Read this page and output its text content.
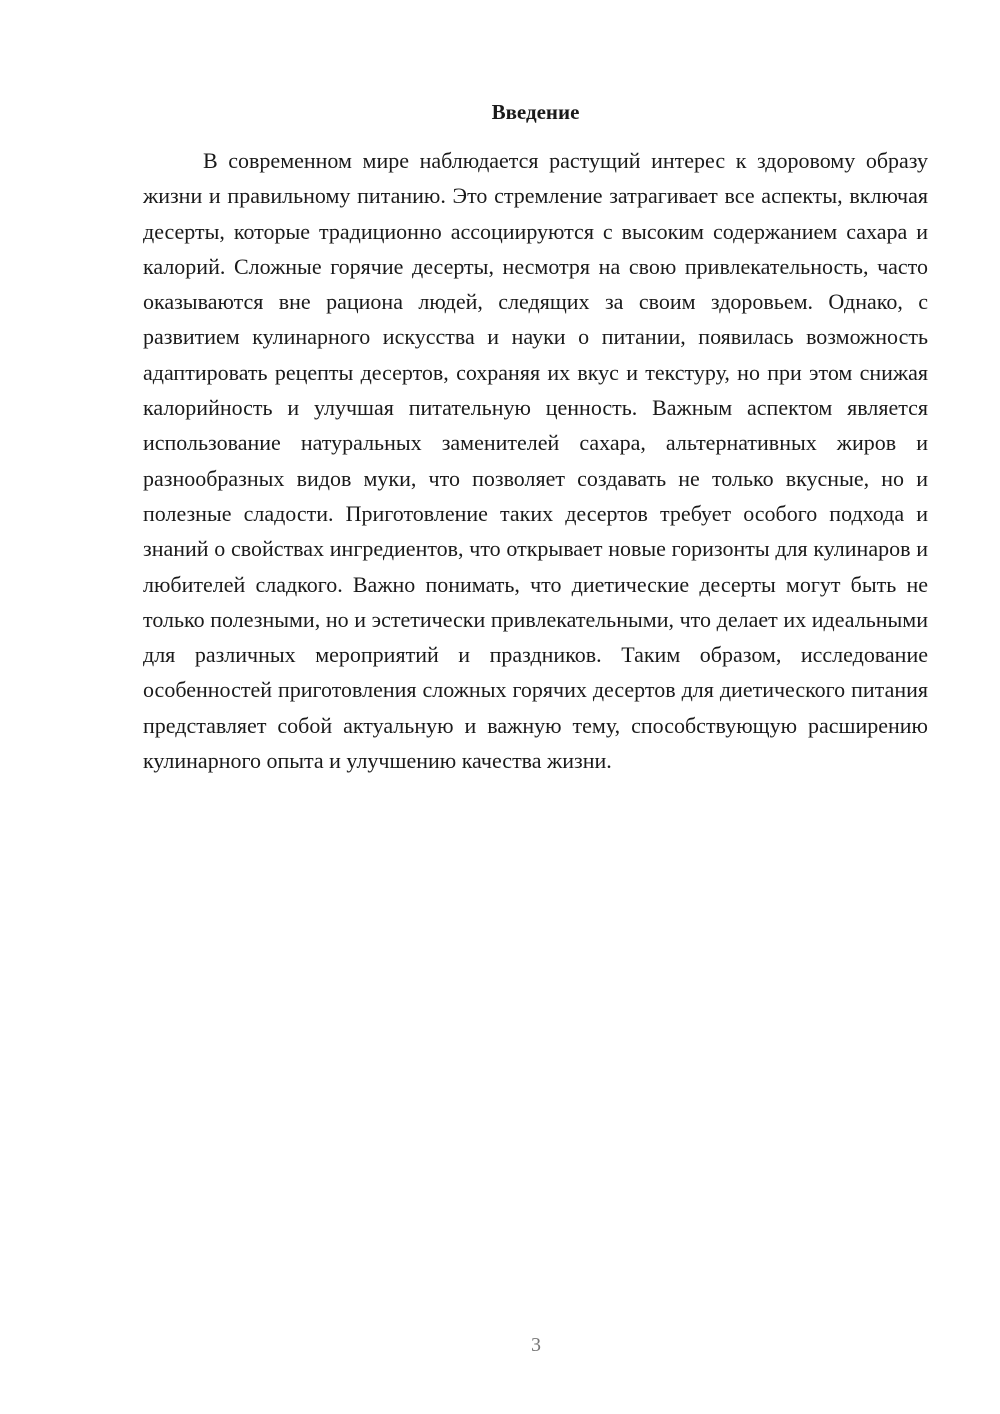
Введение

В современном мире наблюдается растущий интерес к здоровому образу жизни и правильному питанию. Это стремление затрагивает все аспекты, включая десерты, которые традиционно ассоциируются с высоким содержанием сахара и калорий. Сложные горячие десерты, несмотря на свою привлекательность, часто оказываются вне рациона людей, следящих за своим здоровьем. Однако, с развитием кулинарного искусства и науки о питании, появилась возможность адаптировать рецепты десертов, сохраняя их вкус и текстуру, но при этом снижая калорийность и улучшая питательную ценность. Важным аспектом является использование натуральных заменителей сахара, альтернативных жиров и разнообразных видов муки, что позволяет создавать не только вкусные, но и полезные сладости. Приготовление таких десертов требует особого подхода и знаний о свойствах ингредиентов, что открывает новые горизонты для кулинаров и любителей сладкого. Важно понимать, что диетические десерты могут быть не только полезными, но и эстетически привлекательными, что делает их идеальными для различных мероприятий и праздников. Таким образом, исследование особенностей приготовления сложных горячих десертов для диетического питания представляет собой актуальную и важную тему, способствующую расширению кулинарного опыта и улучшению качества жизни.

3
